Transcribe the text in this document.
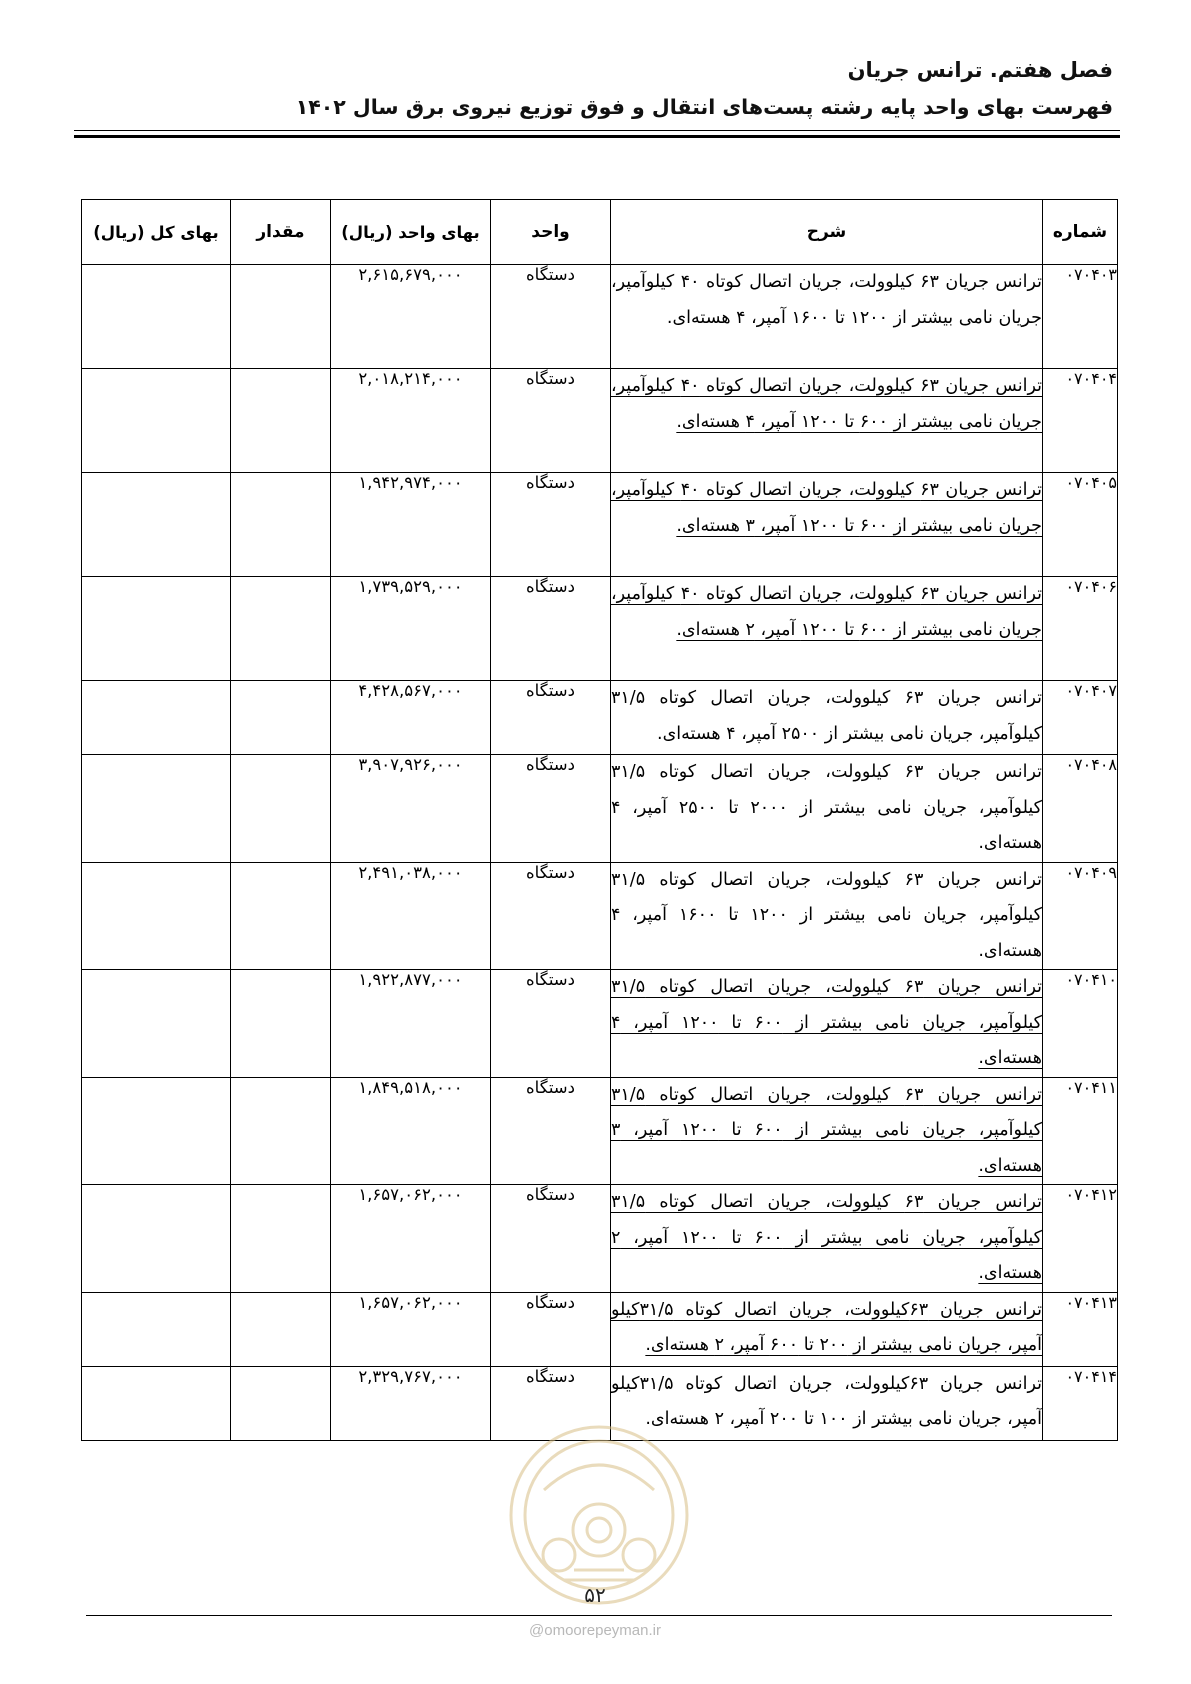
فصل هفتم. ترانس جریان
فهرست بهای واحد پایه رشته پست‌های انتقال و فوق توزیع نیروی برق سال ۱۴۰۲
شماره	شرح	واحد	بهای واحد (ریال)	مقدار	بهای کل (ریال)
۰۷۰۴۰۳	ترانس جریان ۶۳ کیلوولت، جریان اتصال کوتاه ۴۰ کیلوآمپر، جریان نامی بیشتر از ۱۲۰۰ تا ۱۶۰۰ آمپر، ۴ هسته‌ای.	دستگاه	۲,۶۱۵,۶۷۹,۰۰۰		
۰۷۰۴۰۴	ترانس جریان ۶۳ کیلوولت، جریان اتصال کوتاه ۴۰ کیلوآمپر، جریان نامی بیشتر از ۶۰۰ تا ۱۲۰۰ آمپر، ۴ هسته‌ای.	دستگاه	۲,۰۱۸,۲۱۴,۰۰۰		
۰۷۰۴۰۵	ترانس جریان ۶۳ کیلوولت، جریان اتصال کوتاه ۴۰ کیلوآمپر، جریان نامی بیشتر از ۶۰۰ تا ۱۲۰۰ آمپر، ۳ هسته‌ای.	دستگاه	۱,۹۴۲,۹۷۴,۰۰۰		
۰۷۰۴۰۶	ترانس جریان ۶۳ کیلوولت، جریان اتصال کوتاه ۴۰ کیلوآمپر، جریان نامی بیشتر از ۶۰۰ تا ۱۲۰۰ آمپر، ۲ هسته‌ای.	دستگاه	۱,۷۳۹,۵۲۹,۰۰۰		
۰۷۰۴۰۷	ترانس جریان ۶۳ کیلوولت، جریان اتصال کوتاه ۳۱/۵ کیلوآمپر، جریان نامی بیشتر از ۲۵۰۰ آمپر، ۴ هسته‌ای.	دستگاه	۴,۴۲۸,۵۶۷,۰۰۰		
۰۷۰۴۰۸	ترانس جریان ۶۳ کیلوولت، جریان اتصال کوتاه ۳۱/۵ کیلوآمپر، جریان نامی بیشتر از ۲۰۰۰ تا ۲۵۰۰ آمپر، ۴ هسته‌ای.	دستگاه	۳,۹۰۷,۹۲۶,۰۰۰		
۰۷۰۴۰۹	ترانس جریان ۶۳ کیلوولت، جریان اتصال کوتاه ۳۱/۵ کیلوآمپر، جریان نامی بیشتر از ۱۲۰۰ تا ۱۶۰۰ آمپر، ۴ هسته‌ای.	دستگاه	۲,۴۹۱,۰۳۸,۰۰۰		
۰۷۰۴۱۰	ترانس جریان ۶۳ کیلوولت، جریان اتصال کوتاه ۳۱/۵ کیلوآمپر، جریان نامی بیشتر از ۶۰۰ تا ۱۲۰۰ آمپر، ۴ هسته‌ای.	دستگاه	۱,۹۲۲,۸۷۷,۰۰۰		
۰۷۰۴۱۱	ترانس جریان ۶۳ کیلوولت، جریان اتصال کوتاه ۳۱/۵ کیلوآمپر، جریان نامی بیشتر از ۶۰۰ تا ۱۲۰۰ آمپر، ۳ هسته‌ای.	دستگاه	۱,۸۴۹,۵۱۸,۰۰۰		
۰۷۰۴۱۲	ترانس جریان ۶۳ کیلوولت، جریان اتصال کوتاه ۳۱/۵ کیلوآمپر، جریان نامی بیشتر از ۶۰۰ تا ۱۲۰۰ آمپر، ۲ هسته‌ای.	دستگاه	۱,۶۵۷,۰۶۲,۰۰۰		
۰۷۰۴۱۳	ترانس جریان ۶۳کیلوولت، جریان اتصال کوتاه ۳۱/۵کیلو آمپر، جریان نامی بیشتر از ۲۰۰ تا ۶۰۰ آمپر، ۲ هسته‌ای.	دستگاه	۱,۶۵۷,۰۶۲,۰۰۰		
۰۷۰۴۱۴	ترانس جریان ۶۳کیلوولت، جریان اتصال کوتاه ۳۱/۵کیلو آمپر، جریان نامی بیشتر از ۱۰۰ تا ۲۰۰ آمپر، ۲ هسته‌ای.	دستگاه	۲,۳۲۹,۷۶۷,۰۰۰		
۵۲
@omoorepeyman.ir
